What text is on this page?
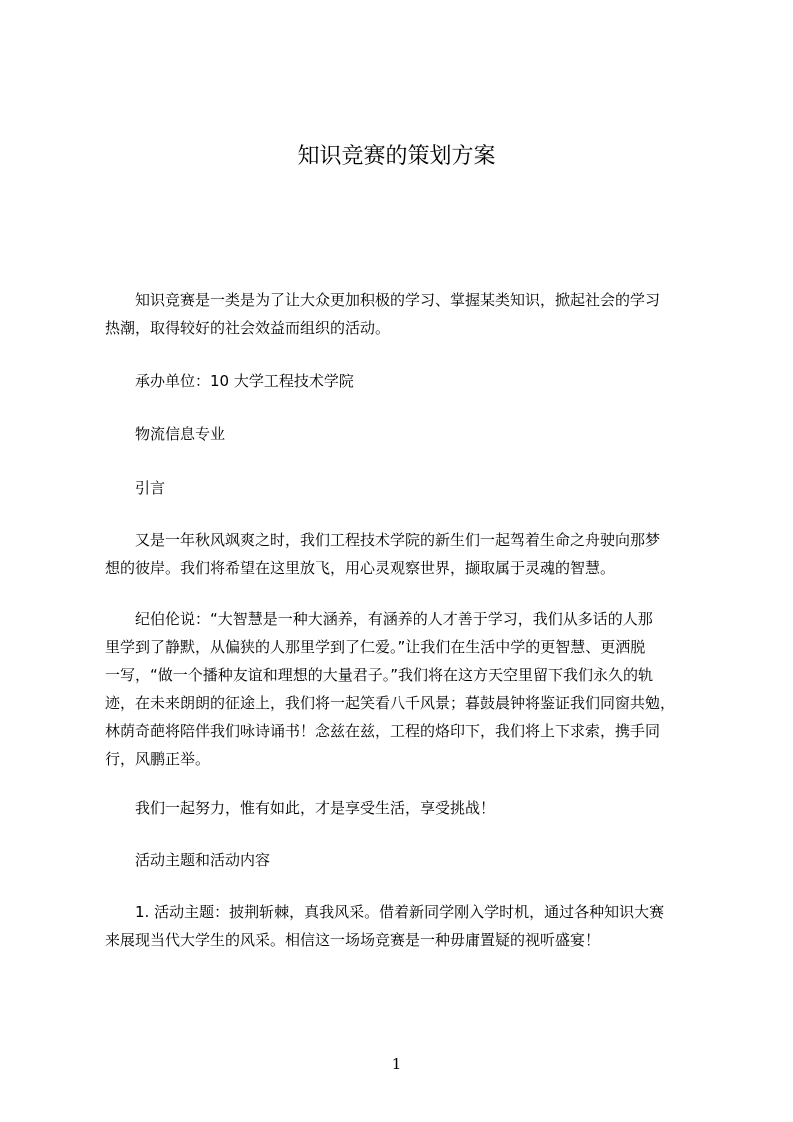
知识竞赛的策划方案
　　知识竞赛是一类是为了让大众更加积极的学习、掌握某类知识，掀起社会的学习
热潮，取得较好的社会效益而组织的活动。
　　承办单位：10 大学工程技术学院
　　物流信息专业
　　引言
　　又是一年秋风飒爽之时，我们工程技术学院的新生们一起驾着生命之舟驶向那梦
想的彼岸。我们将希望在这里放飞，用心灵观察世界，撷取属于灵魂的智慧。
　　纪伯伦说：“大智慧是一种大涵养，有涵养的人才善于学习，我们从多话的人那
里学到了静默，从偏狭的人那里学到了仁爱。”让我们在生活中学的更智慧、更洒脱
一写，“做一个播种友谊和理想的大量君子。”我们将在这方天空里留下我们永久的轨
迹，在未来朗朗的征途上，我们将一起笑看八千风景；暮鼓晨钟将鉴证我们同窗共勉，
林荫奇葩将陪伴我们咏诗诵书！念兹在兹，工程的烙印下，我们将上下求索，携手同
行，风鹏正举。
　　我们一起努力，惟有如此，才是享受生活，享受挑战！
　　活动主题和活动内容
　　1. 活动主题：披荆斩棘，真我风采。借着新同学刚入学时机，通过各种知识大赛
来展现当代大学生的风采。相信这一场场竞赛是一种毋庸置疑的视听盛宴！
1
